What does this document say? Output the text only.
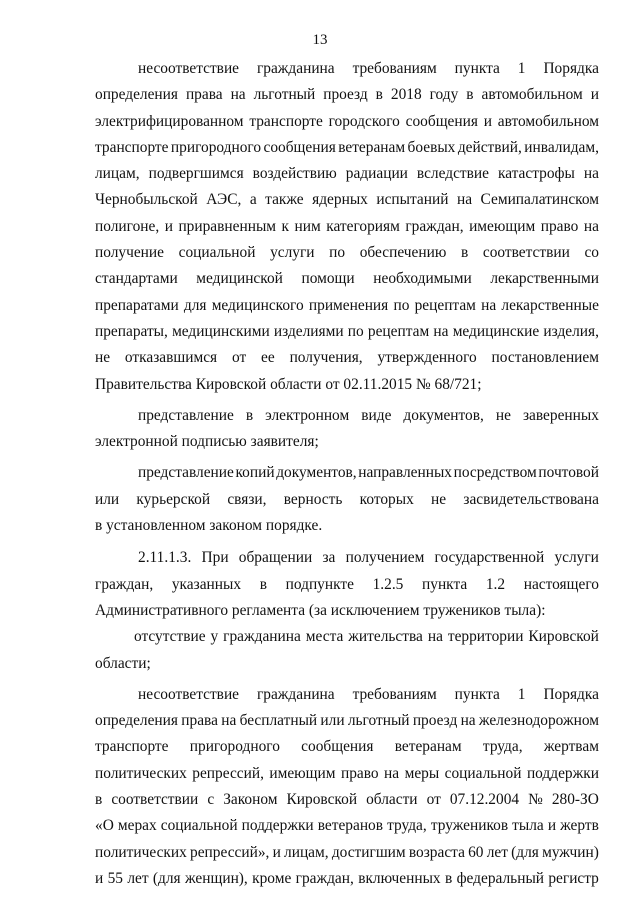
13
несоответствие гражданина требованиям пункта 1 Порядка
определения права на льготный проезд в 2018 году в автомобильном и
электрифицированном транспорте городского сообщения и автомобильном
транспорте пригородного сообщения ветеранам боевых действий, инвалидам,
лицам, подвергшимся воздействию радиации вследствие катастрофы на
Чернобыльской АЭС, а также ядерных испытаний на Семипалатинском
полигоне, и приравненным к ним категориям граждан, имеющим право на
получение социальной услуги по обеспечению в соответствии со
стандартами медицинской помощи необходимыми лекарственными
препаратами для медицинского применения по рецептам на лекарственные
препараты, медицинскими изделиями по рецептам на медицинские изделия,
не отказавшимся от ее получения, утвержденного постановлением
Правительства Кировской области от 02.11.2015 № 68/721;
представление в электронном виде документов, не заверенных
электронной подписью заявителя;
представление копий документов, направленных посредством почтовой
или курьерской связи, верность которых не засвидетельствована
в установленном законом порядке.
2.11.1.3. При обращении за получением государственной услуги
граждан, указанных в подпункте 1.2.5 пункта 1.2 настоящего
Административного регламента (за исключением тружеников тыла):
отсутствие у гражданина места жительства на территории Кировской
области;
несоответствие гражданина требованиям пункта 1 Порядка
определения права на бесплатный или льготный проезд на железнодорожном
транспорте пригородного сообщения ветеранам труда, жертвам
политических репрессий, имеющим право на меры социальной поддержки
в соответствии с Законом Кировской области от 07.12.2004 № 280-ЗО
«О мерах социальной поддержки ветеранов труда, тружеников тыла и жертв
политических репрессий», и лицам, достигшим возраста 60 лет (для мужчин)
и 55 лет (для женщин), кроме граждан, включенных в федеральный регистр
